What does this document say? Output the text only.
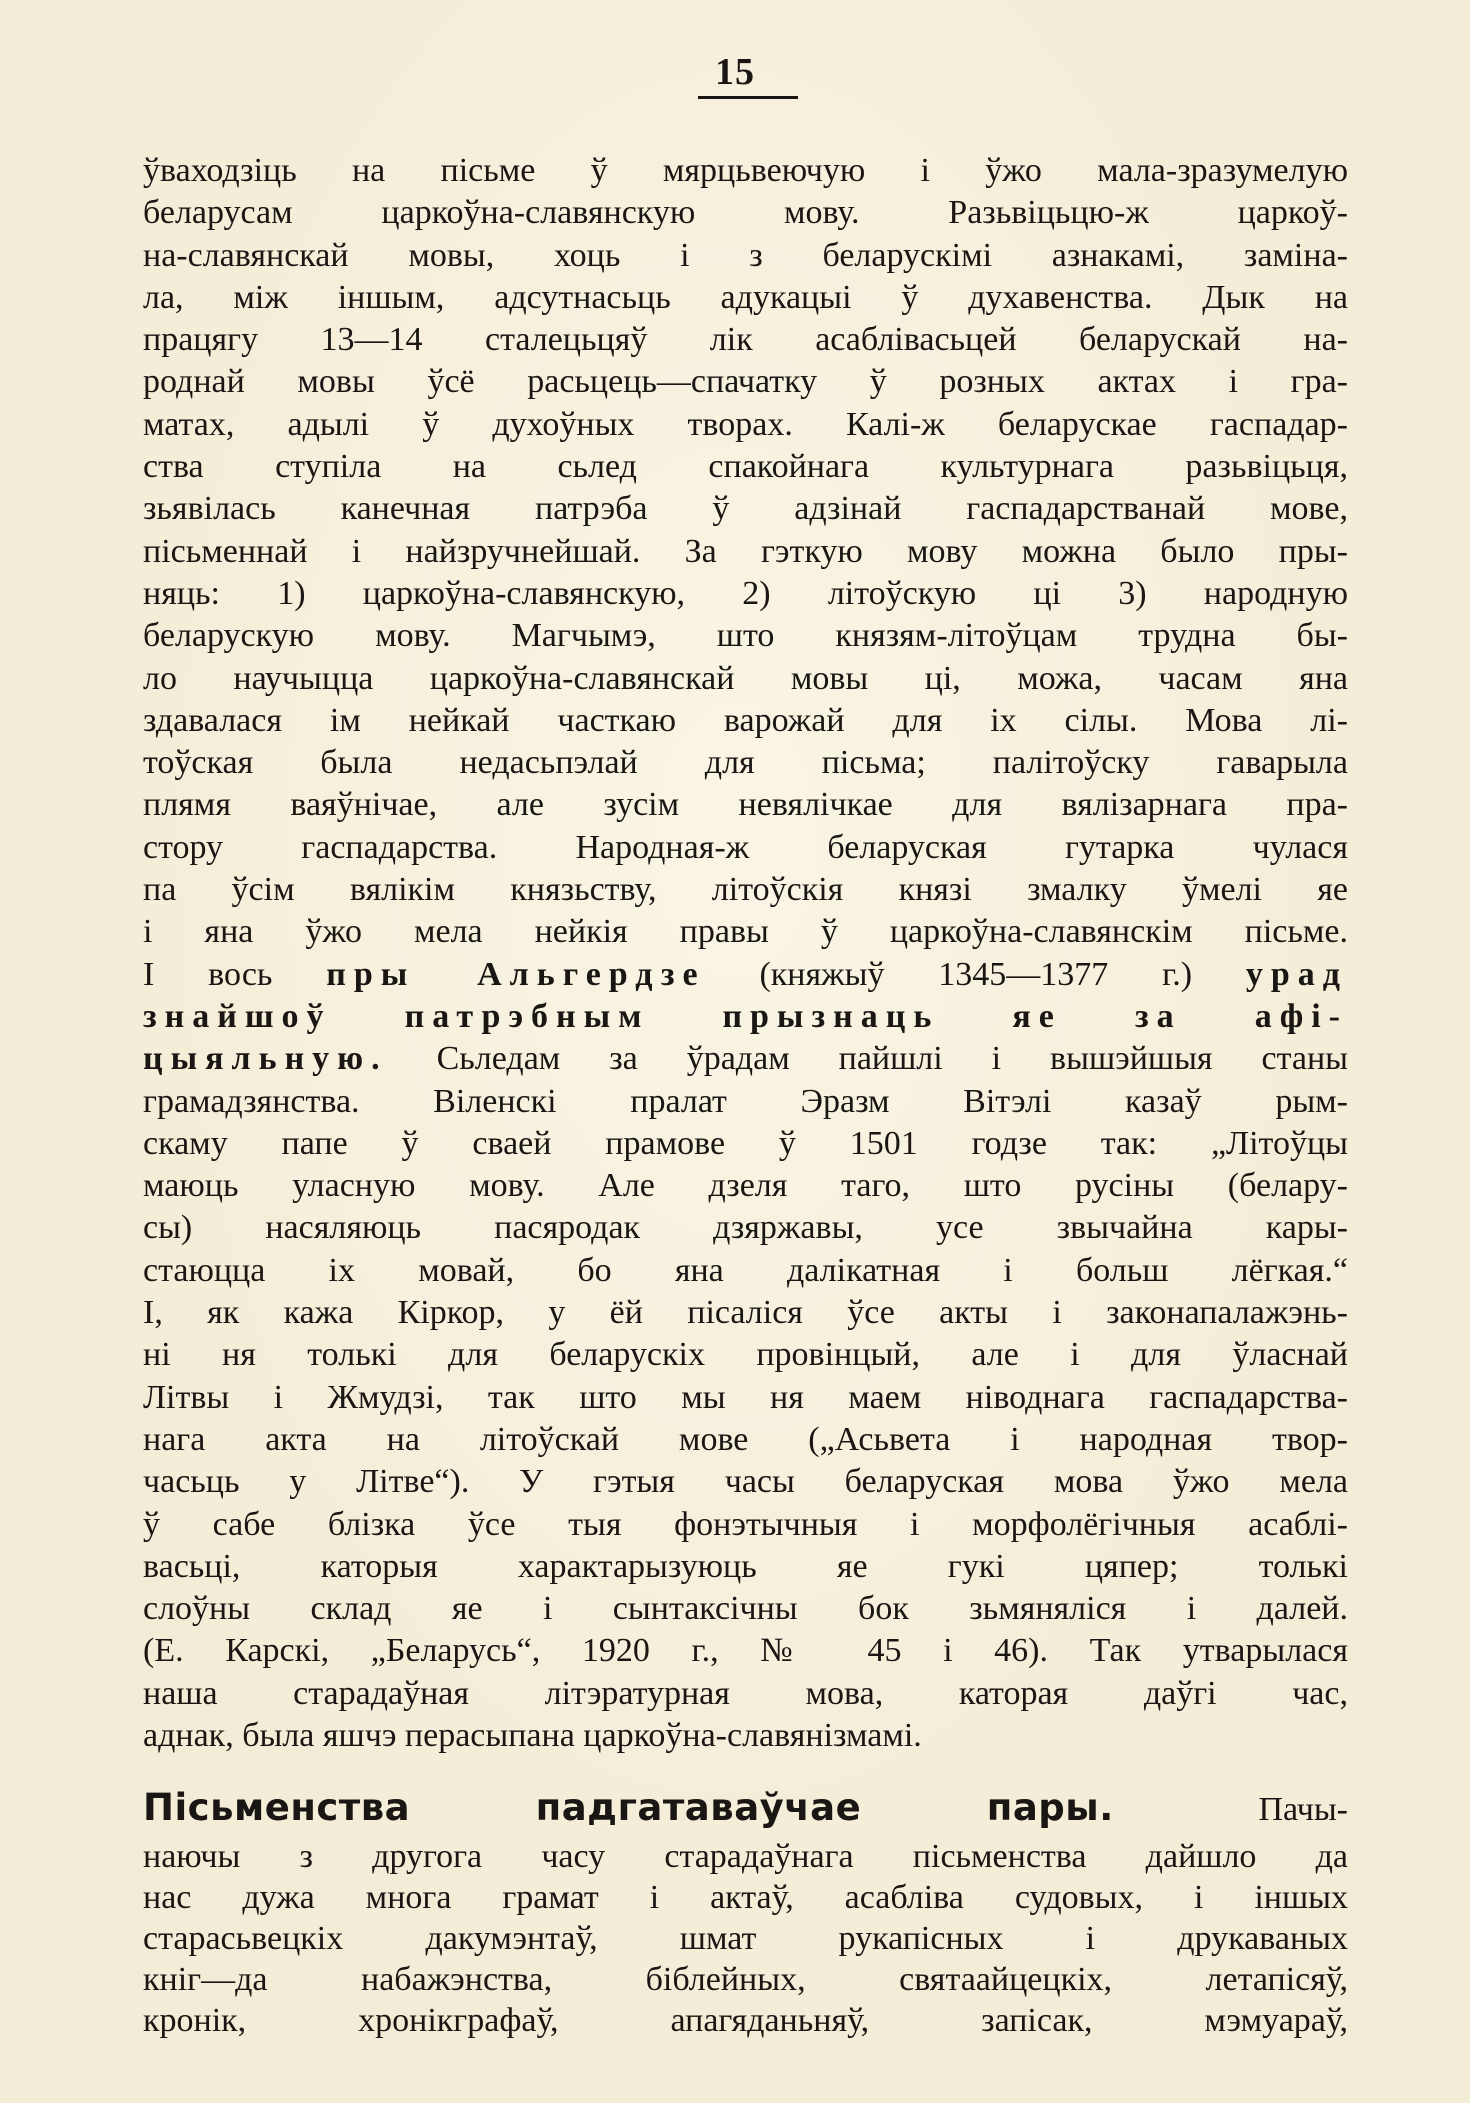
15
ўваходзіць на пісьме ў мярцьвеючую і ўжо мала-зразумелую
беларусам царкоўна-славянскую мову. Разьвіцьцю-ж царкоў-
на-славянскай мовы, хоць і з беларускімі азнакамі, заміна-
ла, між іншым, адсутнасьць адукацыі ў духавенства. Дык на
працягу 13—14 сталецьцяў лік асаблівасьцей беларускай на-
роднай мовы ўсё расьцець—спачатку ў розных актах і гра-
матах, адылі ў духоўных творах. Калі-ж беларускае гаспадар-
ства ступіла на сьлед спакойнага культурнага разьвіцьця,
зьявілась канечная патрэба ў адзінай гаспадарстванай мове,
пісьменнай і найзручнейшай. За гэткую мову можна было пры-
няць: 1) царкоўна-славянскую, 2) літоўскую ці 3) народную
беларускую мову. Магчымэ, што князям-літоўцам трудна бы-
ло научыцца царкоўна-славянскай мовы ці, можа, часам яна
здавалася ім нейкай часткаю варожай для іх сілы. Мова лі-
тоўская была недасьпэлай для пісьма; палітоўску гаварыла
плямя ваяўнічае, але зусім невялічкае для вялізарнага пра-
стору гаспадарства. Народная-ж беларуская гутарка чулася
па ўсім вялікім князьству, літоўскія князі змалку ўмелі яе
і яна ўжо мела нейкія правы ў царкоўна-славянскім пісьме.
І вось пры Альгердзе (княжыў 1345—1377 г.) урад
знайшоў патрэбным прызнаць яе за афі-
цыяльную. Сьледам за ўрадам пайшлі і вышэйшыя станы
грамадзянства. Віленскі пралат Эразм Вітэлі казаў рым-
скаму папе ў сваей прамове ў 1501 годзе так: „Літоўцы
маюць уласную мову. Але дзеля таго, што русіны (белару-
сы) насяляюць пасяродак дзяржавы, усе звычайна кары-
стаюцца іх мовай, бо яна далікатная і больш лёгкая.“
І, як кажа Кіркор, у ёй пісаліся ўсе акты і законапалажэнь-
ні ня толькі для беларускіх провінцый, але і для ўласнай
Літвы і Жмудзі, так што мы ня маем ніводнага гаспадарства-
нага акта на літоўскай мове („Асьвета і народная твор-
часьць у Літве“). У гэтыя часы беларуская мова ўжо мела
ў сабе блізка ўсе тыя фонэтычныя і морфолёгічныя асаблі-
васьці, каторыя характарызуюць яе гукі цяпер; толькі
слоўны склад яе і сынтаксічны бок зьмяняліся і далей.
(Е. Карскі, „Беларусь“, 1920 г., № 45 і 46). Так утварылася
наша старадаўная літэратурная мова, каторая даўгі час,
аднак, была яшчэ перасыпана царкоўна-славянізмамі.
Пісьменства падгатаваўчае пары.	Пачы-
наючы з другога часу старадаўнага пісьменства дайшло да
нас дужа многа грамат і актаў, асабліва судовых, і іншых
старасьвецкіх дакумэнтаў, шмат рукапісных і друкаваных
кніг—да набажэнства, біблейных, святаайцецкіх, летапісяў,
кронік, хронікграфаў, апагяданьняў, запісак, мэмуараў,
